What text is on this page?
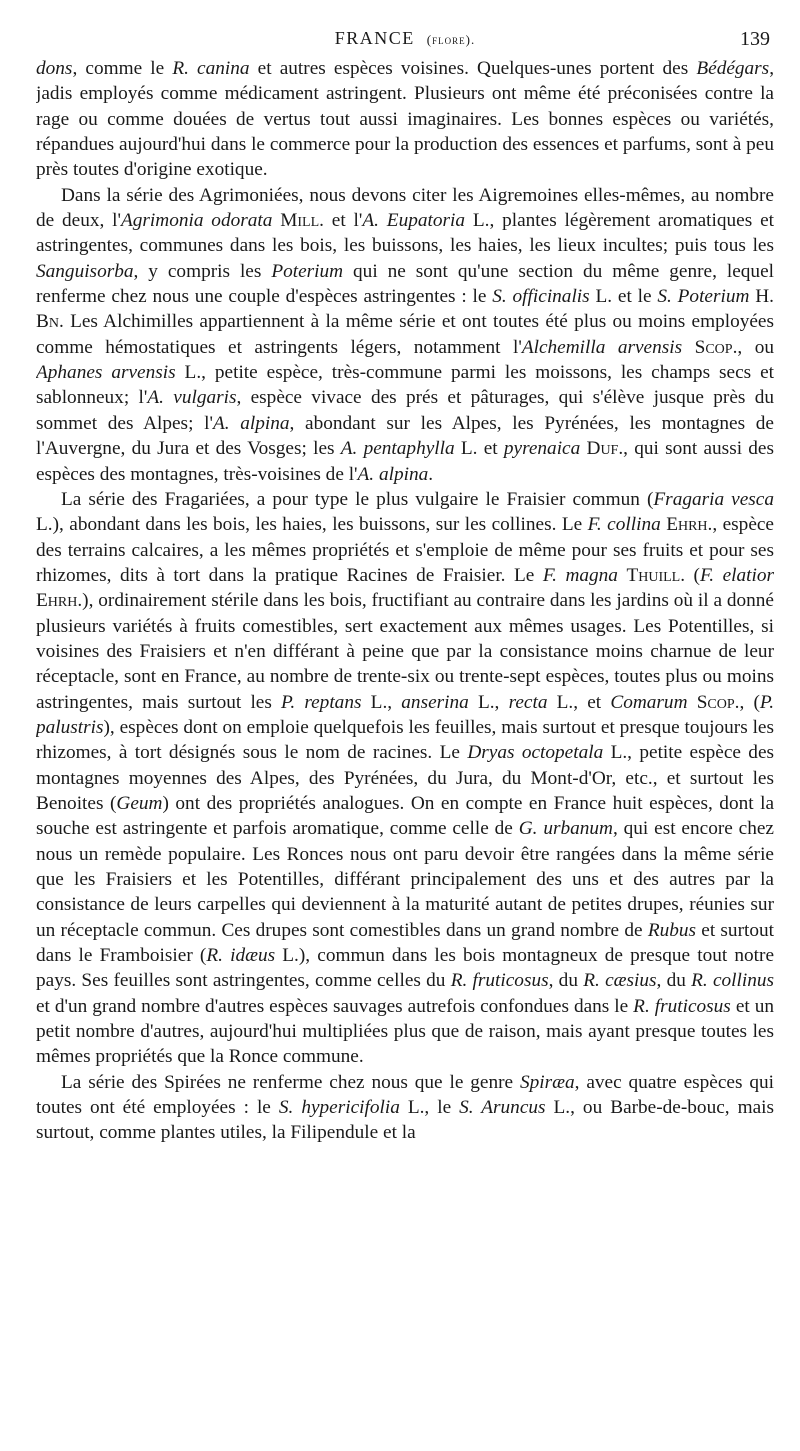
FRANCE
(flore).	139

dons, comme le R. canina et autres espèces voisines. Quelques-unes portent des Bédégars, jadis employés comme médicament astringent. Plusieurs ont même été préconisées contre la rage ou comme douées de vertus tout aussi imaginaires. Les bonnes espèces ou variétés, répandues aujourd'hui dans le commerce pour la production des essences et parfums, sont à peu près toutes d'origine exotique.

Dans la série des Agrimoniées, nous devons citer les Aigremoines elles-mêmes, au nombre de deux, l'Agrimonia odorata Mill. et l'A. Eupatoria L., plantes légèrement aromatiques et astringentes, communes dans les bois, les buissons, les haies, les lieux incultes; puis tous les Sanguisorba, y compris les Poterium qui ne sont qu'une section du même genre, lequel renferme chez nous une couple d'espèces astringentes : le S. officinalis L. et le S. Poterium H. Bn. Les Alchimilles appartiennent à la même série et ont toutes été plus ou moins employées comme hémostatiques et astringents légers, notamment l'Alchemilla arvensis Scop., ou Aphanes arvensis L., petite espèce, très-commune parmi les moissons, les champs secs et sablonneux; l'A. vulgaris, espèce vivace des prés et pâturages, qui s'élève jusque près du sommet des Alpes; l'A. alpina, abondant sur les Alpes, les Pyrénées, les montagnes de l'Auvergne, du Jura et des Vosges; les A. pentaphylla L. et pyrenaica Duf., qui sont aussi des espèces des montagnes, très-voisines de l'A. alpina.

La série des Fragariées, a pour type le plus vulgaire le Fraisier commun (Fragaria vesca L.), abondant dans les bois, les haies, les buissons, sur les collines. Le F. collina Ehrh., espèce des terrains calcaires, a les mêmes propriétés et s'emploie de même pour ses fruits et pour ses rhizomes, dits à tort dans la pratique Racines de Fraisier. Le F. magna Thuill. (F. elatior Ehrh.), ordinairement stérile dans les bois, fructifiant au contraire dans les jardins où il a donné plusieurs variétés à fruits comestibles, sert exactement aux mêmes usages. Les Potentilles, si voisines des Fraisiers et n'en différant à peine que par la consistance moins charnue de leur réceptacle, sont en France, au nombre de trente-six ou trente-sept espèces, toutes plus ou moins astringentes, mais surtout les P. reptans L., anserina L., recta L., et Comarum Scop., (P. palustris), espèces dont on emploie quelquefois les feuilles, mais surtout et presque toujours les rhizomes, à tort désignés sous le nom de racines. Le Dryas octopetala L., petite espèce des montagnes moyennes des Alpes, des Pyrénées, du Jura, du Mont-d'Or, etc., et surtout les Benoites (Geum) ont des propriétés analogues. On en compte en France huit espèces, dont la souche est astringente et parfois aromatique, comme celle de G. urbanum, qui est encore chez nous un remède populaire. Les Ronces nous ont paru devoir être rangées dans la même série que les Fraisiers et les Potentilles, différant principalement des uns et des autres par la consistance de leurs carpelles qui deviennent à la maturité autant de petites drupes, réunies sur un réceptacle commun. Ces drupes sont comestibles dans un grand nombre de Rubus et surtout dans le Framboisier (R. idæus L.), commun dans les bois montagneux de presque tout notre pays. Ses feuilles sont astringentes, comme celles du R. fruticosus, du R. cæsius, du R. collinus et d'un grand nombre d'autres espèces sauvages autrefois confondues dans le R. fruticosus et un petit nombre d'autres, aujourd'hui multipliées plus que de raison, mais ayant presque toutes les mêmes propriétés que la Ronce commune.

La série des Spirées ne renferme chez nous que le genre Spiræa, avec quatre espèces qui toutes ont été employées : le S. hypericifolia L., le S. Aruncus L., ou Barbe-de-bouc, mais surtout, comme plantes utiles, la Filipendule et la
